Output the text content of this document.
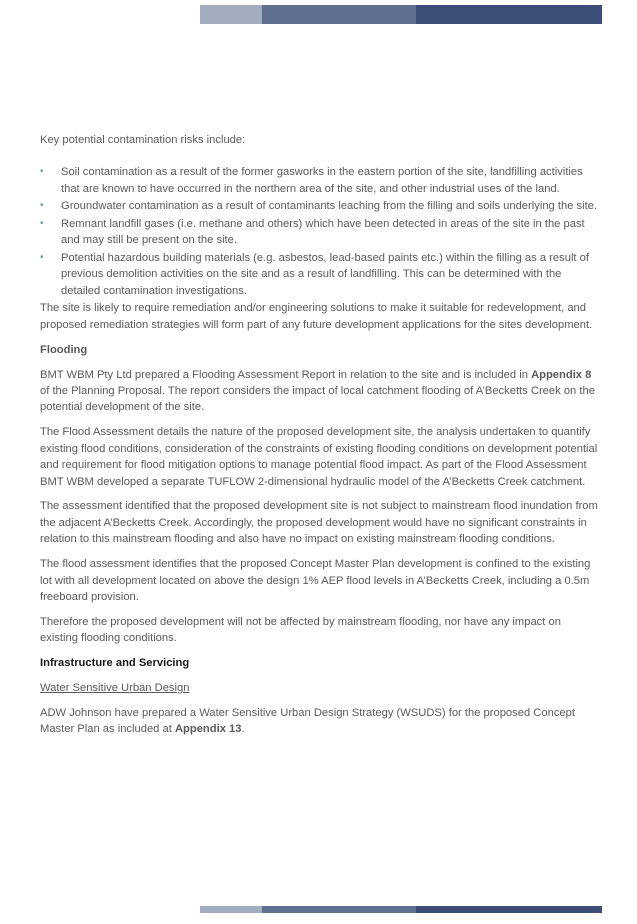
Key potential contamination risks include:

• Soil contamination as a result of the former gasworks in the eastern portion of the site, landfilling activities that are known to have occurred in the northern area of the site, and other industrial uses of the land.
• Groundwater contamination as a result of contaminants leaching from the filling and soils underlying the site.
• Remnant landfill gases (i.e. methane and others) which have been detected in areas of the site in the past and may still be present on the site.
• Potential hazardous building materials (e.g. asbestos, lead-based paints etc.) within the filling as a result of previous demolition activities on the site and as a result of landfilling. This can be determined with the detailed contamination investigations.

The site is likely to require remediation and/or engineering solutions to make it suitable for redevelopment, and proposed remediation strategies will form part of any future development applications for the sites development.

Flooding

BMT WBM Pty Ltd prepared a Flooding Assessment Report in relation to the site and is included in Appendix 8 of the Planning Proposal. The report considers the impact of local catchment flooding of A’Becketts Creek on the potential development of the site.

The Flood Assessment details the nature of the proposed development site, the analysis undertaken to quantify existing flood conditions, consideration of the constraints of existing flooding conditions on development potential and requirement for flood mitigation options to manage potential flood impact. As part of the Flood Assessment BMT WBM developed a separate TUFLOW 2-dimensional hydraulic model of the A’Becketts Creek catchment.

The assessment identified that the proposed development site is not subject to mainstream flood inundation from the adjacent A’Becketts Creek. Accordingly, the proposed development would have no significant constraints in relation to this mainstream flooding and also have no impact on existing mainstream flooding conditions.

The flood assessment identifies that the proposed Concept Master Plan development is confined to the existing lot with all development located on above the design 1% AEP flood levels in A’Becketts Creek, including a 0.5m freeboard provision.

Therefore the proposed development will not be affected by mainstream flooding, nor have any impact on existing flooding conditions.

Infrastructure and Servicing

Water Sensitive Urban Design

ADW Johnson have prepared a Water Sensitive Urban Design Strategy (WSUDS) for the proposed Concept Master Plan as included at Appendix 13.
